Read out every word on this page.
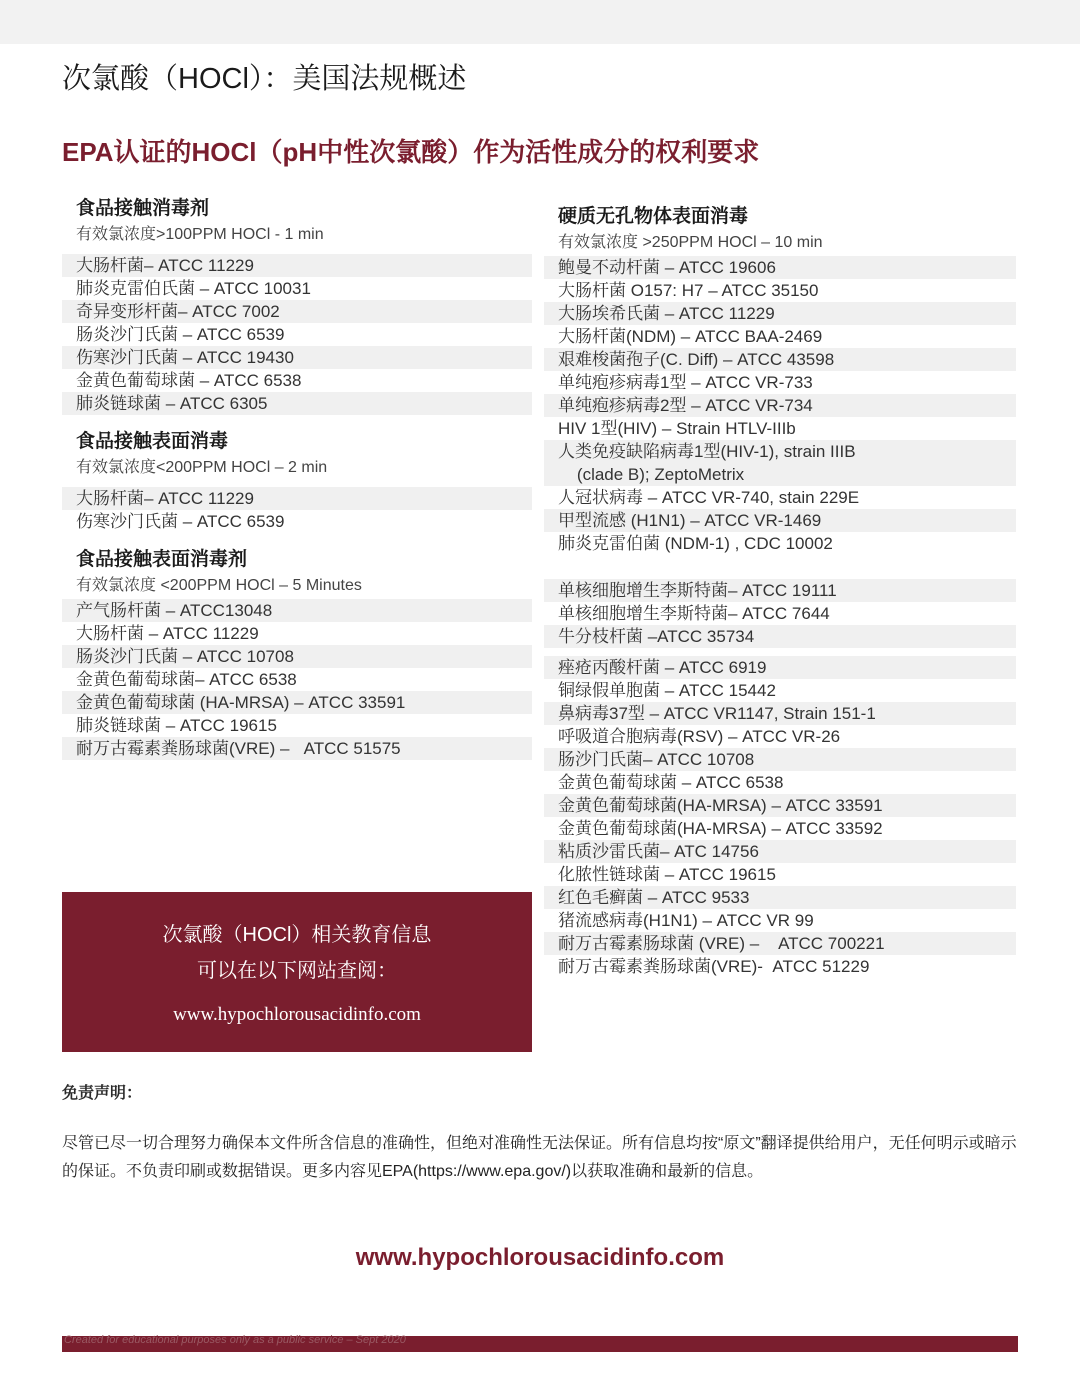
次氯酸（HOCl）：美国法规概述
EPA认证的HOCl（pH中性次氯酸）作为活性成分的权利要求
食品接触消毒剂
有效氯浓度>100PPM HOCl - 1 min
大肠杆菌– ATCC 11229
肺炎克雷伯氏菌 – ATCC 10031
奇异变形杆菌– ATCC 7002
肠炎沙门氏菌 – ATCC 6539
伤寒沙门氏菌 – ATCC 19430
金黄色葡萄球菌 – ATCC 6538
肺炎链球菌 – ATCC 6305
食品接触表面消毒
有效氯浓度<200PPM HOCl – 2 min
大肠杆菌– ATCC 11229
伤寒沙门氏菌 – ATCC 6539
食品接触表面消毒剂
有效氯浓度 <200PPM HOCl – 5 Minutes
产气肠杆菌 – ATCC13048
大肠杆菌 – ATCC 11229
肠炎沙门氏菌 – ATCC 10708
金黄色葡萄球菌– ATCC 6538
金黄色葡萄球菌 (HA-MRSA) – ATCC 33591
肺炎链球菌 – ATCC 19615
耐万古霉素粪肠球菌(VRE) –   ATCC 51575
硬质无孔物体表面消毒
有效氯浓度 >250PPM HOCl – 10 min
鲍曼不动杆菌 – ATCC 19606
大肠杆菌 O157: H7 – ATCC 35150
大肠埃希氏菌 – ATCC 11229
大肠杆菌(NDM) – ATCC BAA-2469
艰难梭菌孢子(C. Diff) – ATCC 43598
单纯疱疹病毒1型 – ATCC VR-733
单纯疱疹病毒2型 – ATCC VR-734
HIV 1型(HIV) – Strain HTLV-IIIb
人类免疫缺陷病毒1型(HIV-1), strain IIIB
(clade B); ZeptoMetrix
人冠状病毒 – ATCC VR-740, stain 229E
甲型流感 (H1N1) – ATCC VR-1469
肺炎克雷伯菌 (NDM-1) , CDC 10002
单核细胞增生李斯特菌– ATCC 19111
单核细胞增生李斯特菌– ATCC 7644
牛分枝杆菌 –ATCC 35734
痤疮丙酸杆菌 – ATCC 6919
铜绿假单胞菌 – ATCC 15442
鼻病毒37型 – ATCC VR1147, Strain 151-1
呼吸道合胞病毒(RSV) – ATCC VR-26
肠沙门氏菌– ATCC 10708
金黄色葡萄球菌 – ATCC 6538
金黄色葡萄球菌(HA-MRSA) – ATCC 33591
金黄色葡萄球菌(HA-MRSA) – ATCC 33592
粘质沙雷氏菌– ATC 14756
化脓性链球菌 – ATCC 19615
红色毛癣菌 – ATCC 9533
猪流感病毒(H1N1) – ATCC VR 99
耐万古霉素肠球菌 (VRE) –    ATCC 700221
耐万古霉素粪肠球菌(VRE)-  ATCC 51229
次氯酸（HOCl）相关教育信息
可以在以下网站查阅：
www.hypochlorousacidinfo.com
免责声明：
尽管已尽一切合理努力确保本文件所含信息的准确性，但绝对准确性无法保证。所有信息均按“原文”翻译提供给用户，无任何明示或暗示的保证。不负责印刷或数据错误。更多内容见EPA(https://www.epa.gov/)以获取准确和最新的信息。
www.hypochlorousacidinfo.com
Created for educational purposes only as a public service – Sept 2020
